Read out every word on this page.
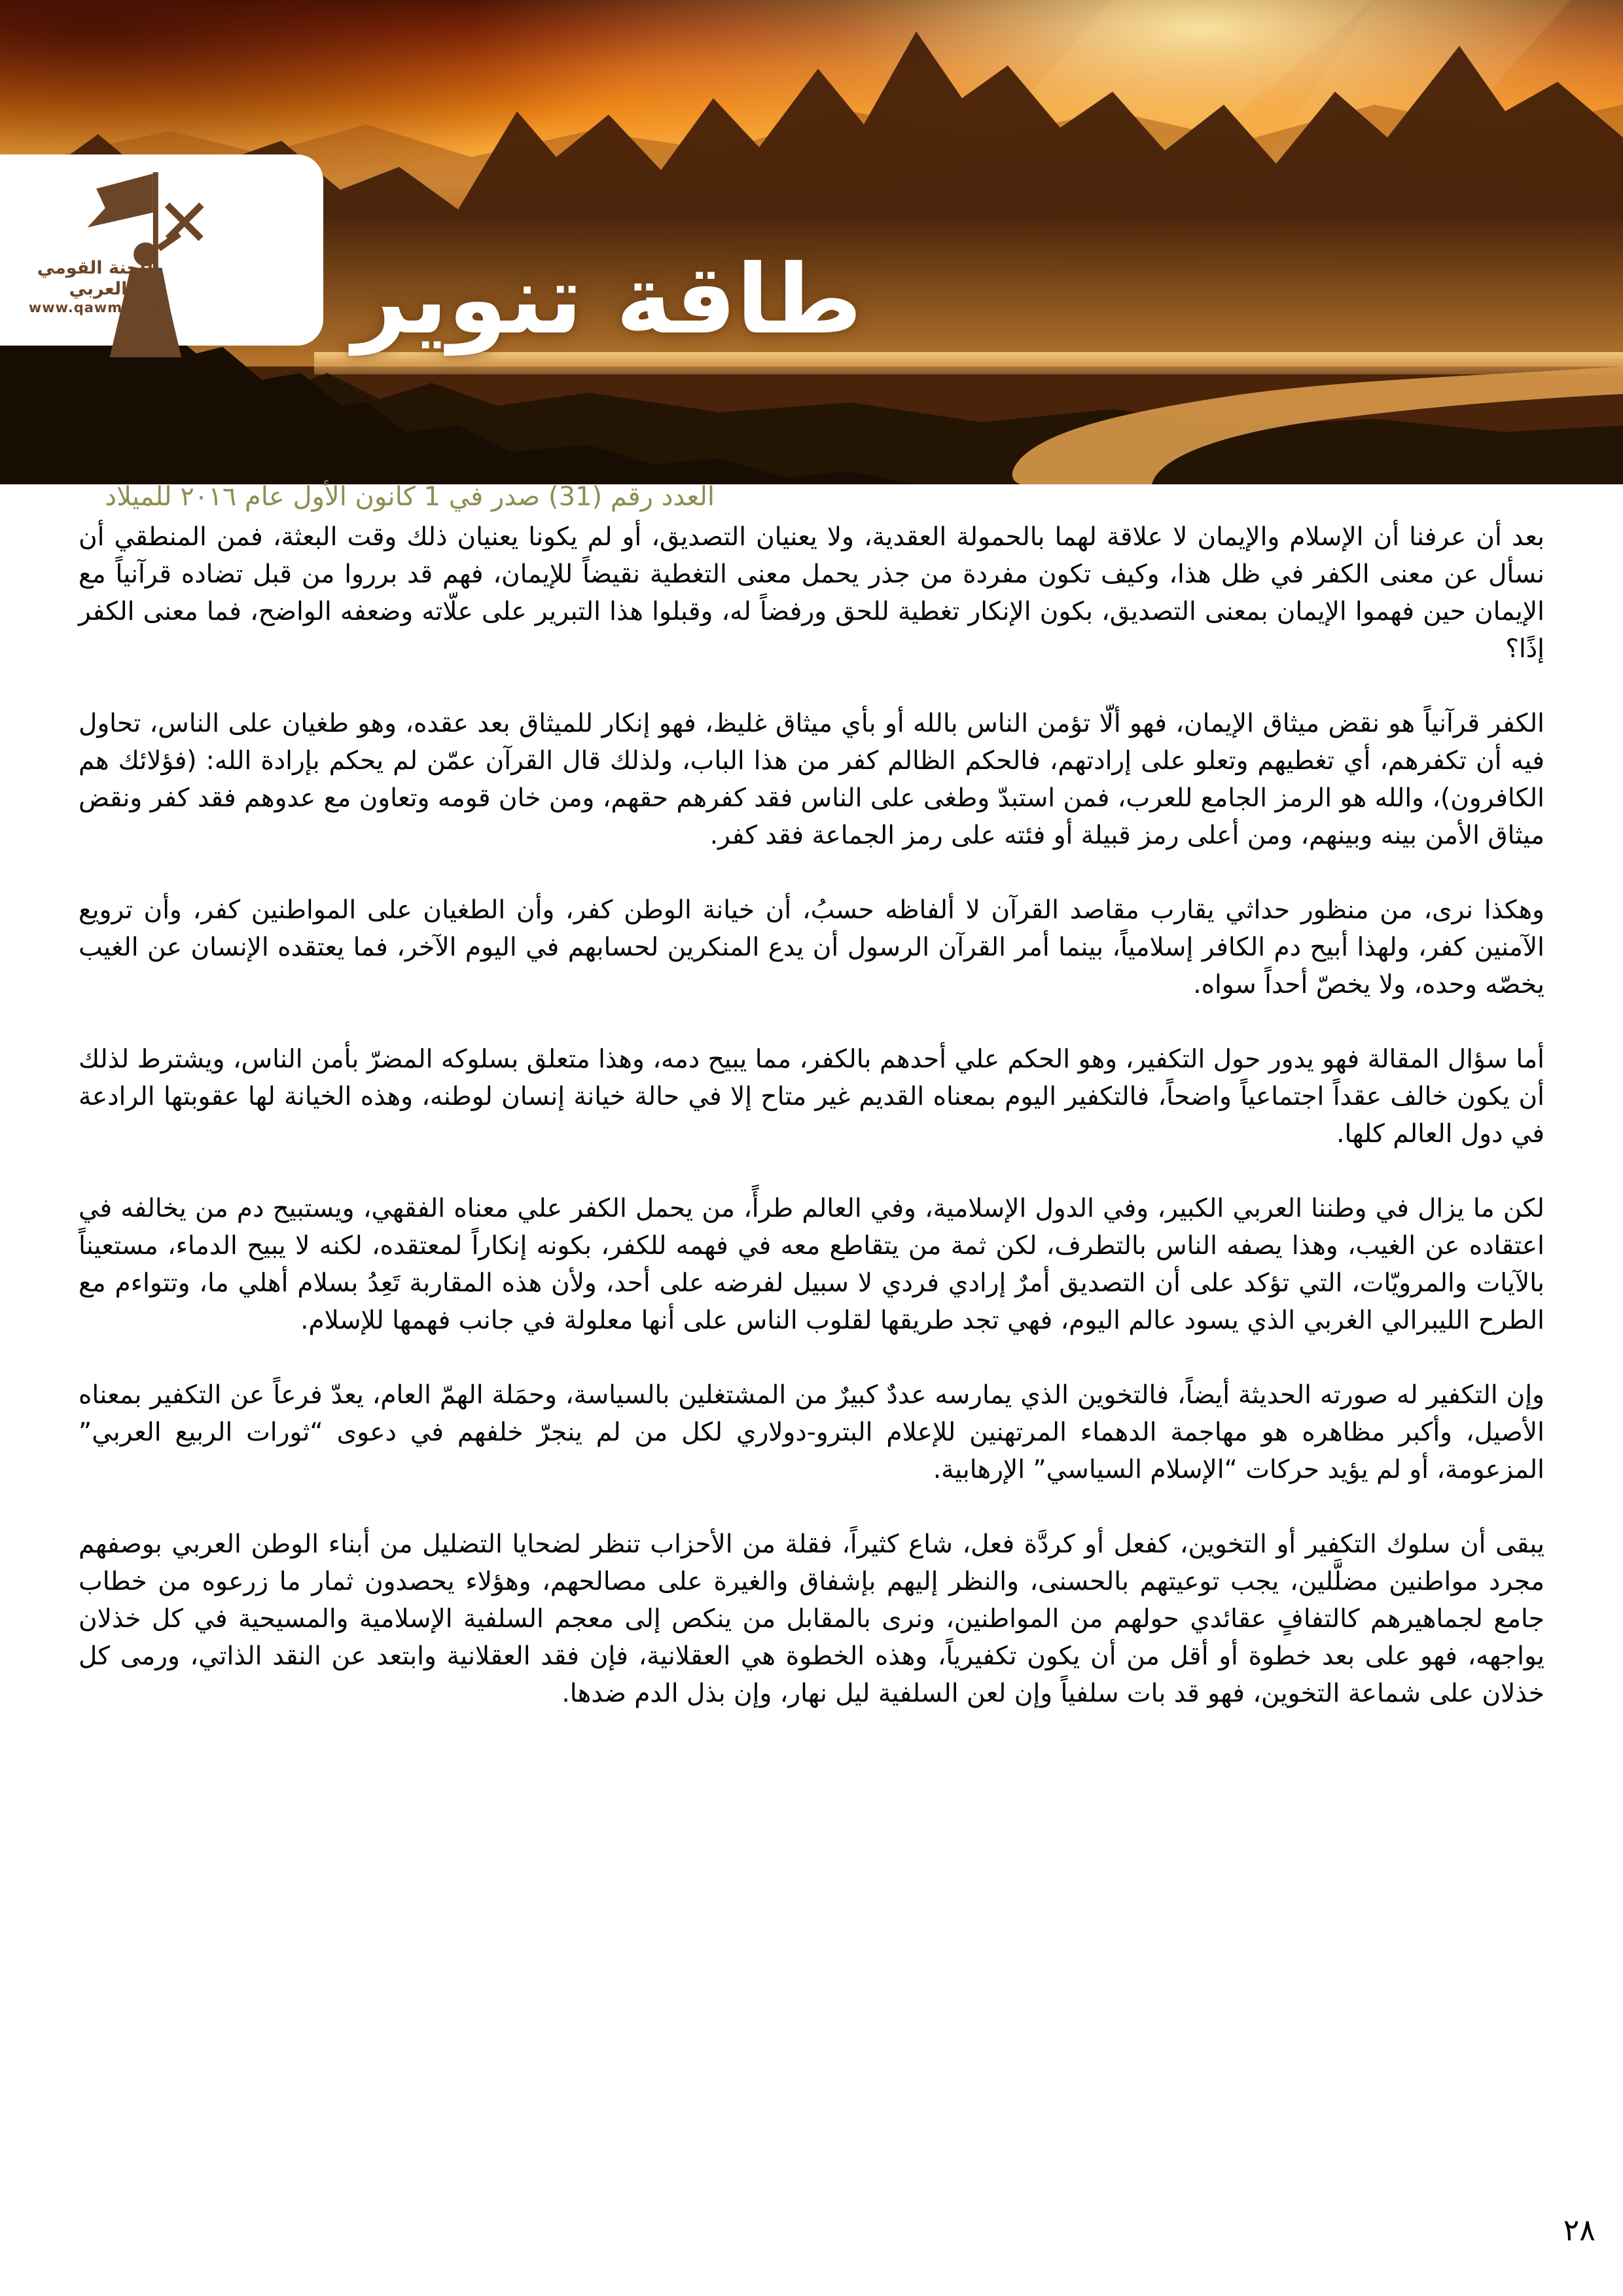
اللجنة القومي العربي
www.qawmi.com طاقة تنوير
العدد رقم (31) صدر في 1 كانون الأول عام ٢٠١٦ للميلاد

بعد أن عرفنا أن الإسلام والإيمان لا علاقة لهما بالحمولة العقدية، ولا يعنيان التصديق، أو لم يكونا يعنيان ذلك وقت البعثة، فمن المنطقي أن نسأل عن معنى الكفر في ظل هذا، وكيف تكون مفردة من جذر يحمل معنى التغطية نقيضاً للإيمان، فهم قد برروا من قبل تضاده قرآنياً مع الإيمان حين فهموا الإيمان بمعنى التصديق، بكون الإنكار تغطية للحق ورفضاً له، وقبلوا هذا التبرير على علّاته وضعفه الواضح، فما معنى الكفر إذًا؟

الكفر قرآنياً هو نقض ميثاق الإيمان، فهو ألّا تؤمن الناس بالله أو بأي ميثاق غليظ، فهو إنكار للميثاق بعد عقده، وهو طغيان على الناس، تحاول فيه أن تكفرهم، أي تغطيهم وتعلو على إرادتهم، فالحكم الظالم كفر من هذا الباب، ولذلك قال القرآن عمّن لم يحكم بإرادة الله: (فؤلائك هم الكافرون)، والله هو الرمز الجامع للعرب، فمن استبدّ وطغى على الناس فقد كفرهم حقهم، ومن خان قومه وتعاون مع عدوهم فقد كفر ونقض ميثاق الأمن بينه وبينهم، ومن أعلى رمز قبيلة أو فئته على رمز الجماعة فقد كفر.

وهكذا نرى، من منظور حداثي يقارب مقاصد القرآن لا ألفاظه حسبُ، أن خيانة الوطن كفر، وأن الطغيان على المواطنين كفر، وأن ترويع الآمنين كفر، ولهذا أبيح دم الكافر إسلامياً، بينما أمر القرآن الرسول أن يدع المنكرين لحسابهم في اليوم الآخر، فما يعتقده الإنسان عن الغيب يخصّه وحده، ولا يخصّ أحداً سواه.

أما سؤال المقالة فهو يدور حول التكفير، وهو الحكم علي أحدهم بالكفر، مما يبيح دمه، وهذا متعلق بسلوكه المضرّ بأمن الناس، ويشترط لذلك أن يكون خالف عقداً اجتماعياً واضحاً، فالتكفير اليوم بمعناه القديم غير متاح إلا في حالة خيانة إنسان لوطنه، وهذه الخيانة لها عقوبتها الرادعة في دول العالم كلها.

لكن ما يزال في وطننا العربي الكبير، وفي الدول الإسلامية، وفي العالم طرأً، من يحمل الكفر علي معناه الفقهي، ويستبيح دم من يخالفه في اعتقاده عن الغيب، وهذا يصفه الناس بالتطرف، لكن ثمة من يتقاطع معه في فهمه للكفر، بكونه إنكاراً لمعتقده، لكنه لا يبيح الدماء، مستعيناً بالآيات والمرويّات، التي تؤكد على أن التصديق أمرٌ إرادي فردي لا سبيل لفرضه على أحد، ولأن هذه المقاربة تَعِدُ بسلام أهلي ما، وتتواءم مع الطرح الليبرالي الغربي الذي يسود عالم اليوم، فهي تجد طريقها لقلوب الناس على أنها معلولة في جانب فهمها للإسلام.

وإن التكفير له صورته الحديثة أيضاً، فالتخوين الذي يمارسه عددٌ كبيرٌ من المشتغلين بالسياسة، وحمَلة الهمّ العام، يعدّ فرعاً عن التكفير بمعناه الأصيل، وأكبر مظاهره هو مهاجمة الدهماء المرتهنين للإعلام البترو-دولاري لكل من لم ينجرّ خلفهم في دعوى “ثورات الربيع العربي” المزعومة، أو لم يؤيد حركات “الإسلام السياسي” الإرهابية.

يبقى أن سلوك التكفير أو التخوين، كفعل أو كردَّة فعل، شاع كثيراً، فقلة من الأحزاب تنظر لضحايا التضليل من أبناء الوطن العربي بوصفهم مجرد مواطنين مضلَّلين، يجب توعيتهم بالحسنى، والنظر إليهم بإشفاق والغيرة على مصالحهم، وهؤلاء يحصدون ثمار ما زرعوه من خطاب جامع لجماهيرهم كالتفافٍ عقائدي حولهم من المواطنين، ونرى بالمقابل من ينكص إلى معجم السلفية الإسلامية والمسيحية في كل خذلان يواجهه، فهو على بعد خطوة أو أقل من أن يكون تكفيرياً، وهذه الخطوة هي العقلانية، فإن فقد العقلانية وابتعد عن النقد الذاتي، ورمى كل خذلان على شماعة التخوين، فهو قد بات سلفياً وإن لعن السلفية ليل نهار، وإن بذل الدم ضدها.

٢٨
